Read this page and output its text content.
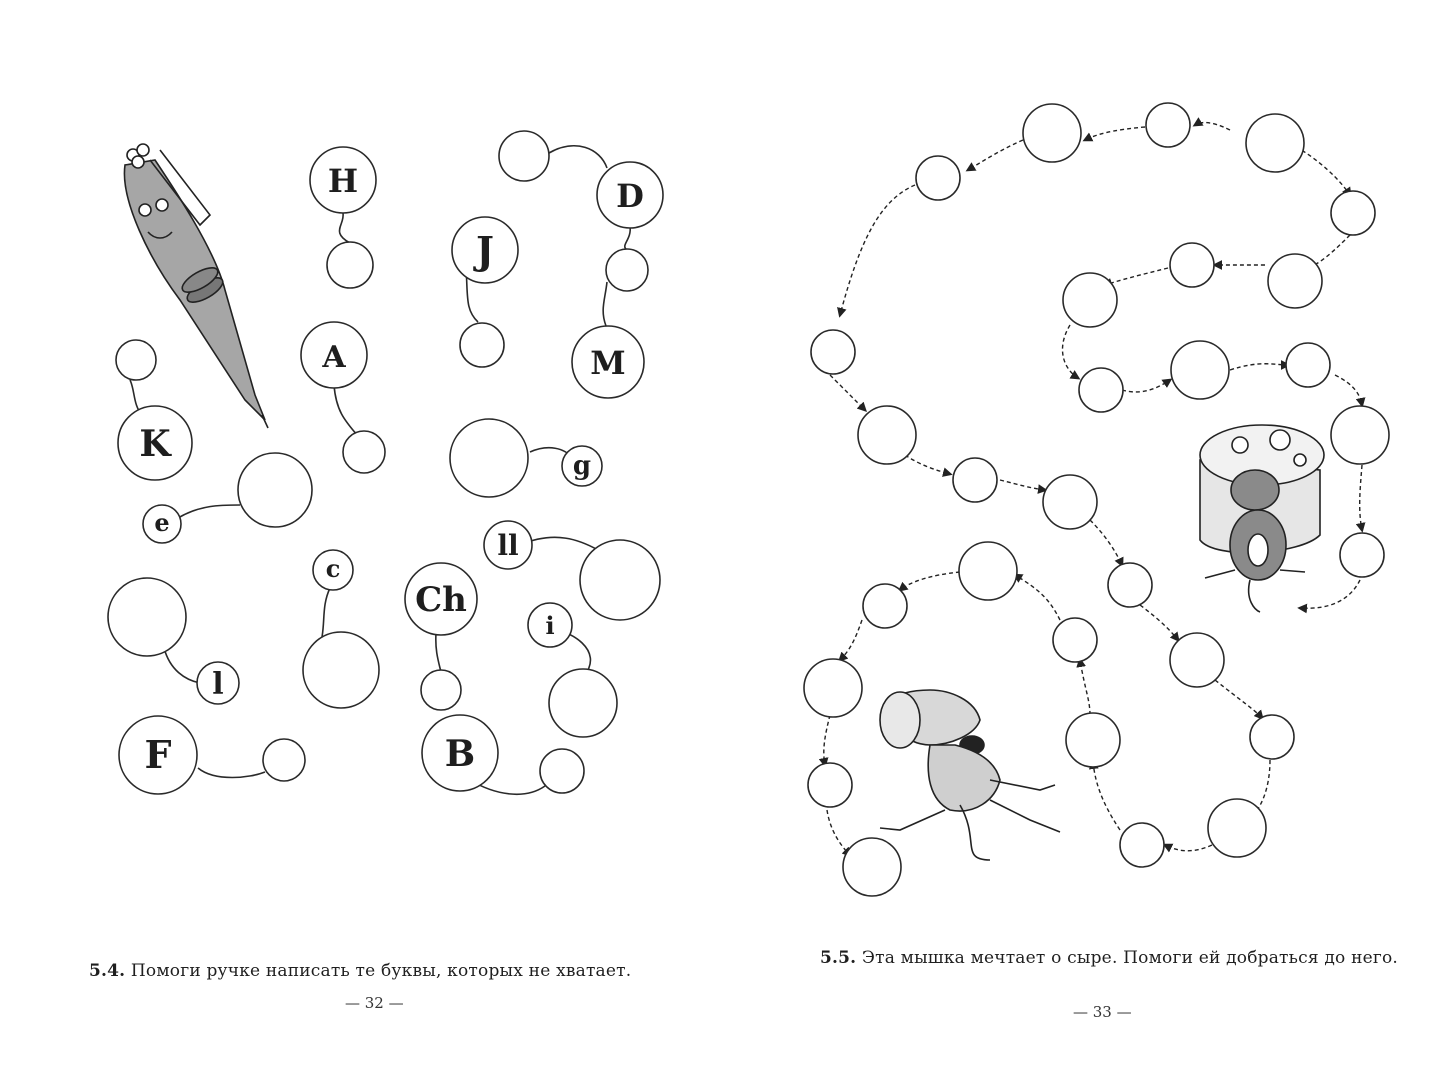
H	D
J
M
A
K
g
e
ll
c
Ch
i
l
F	B
5.4. Помоги ручке написать те буквы, которых не хватает.
— 32 —
5.5. Эта мышка мечтает о сыре. Помоги ей добраться до него.
— 33 —
